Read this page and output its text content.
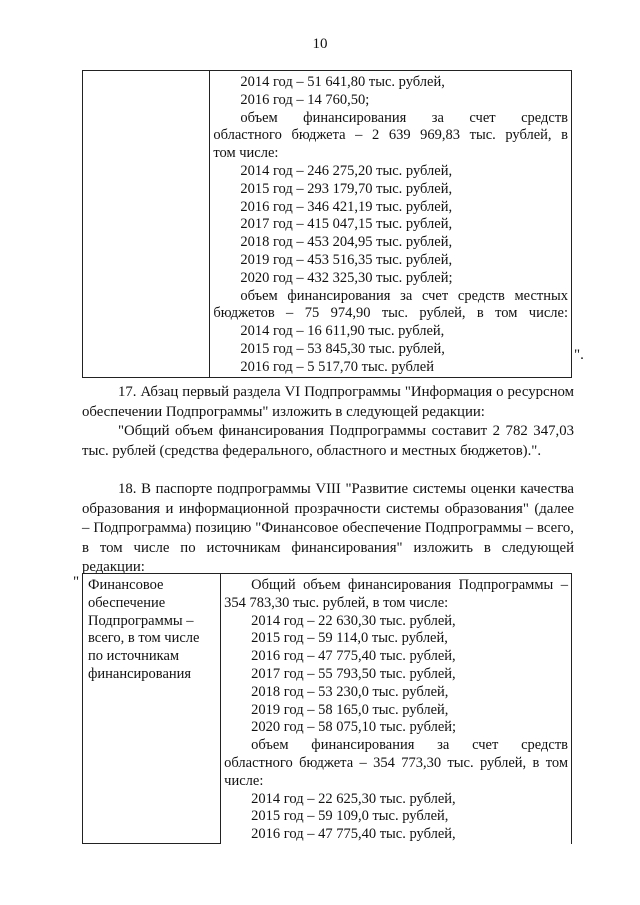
10

2014 год – 51 641,80 тыс. рублей,
2016 год – 14 760,50;
объем финансирования за счет средств
областного бюджета – 2 639 969,83 тыс. рублей, в
том числе:
2014 год – 246 275,20 тыс. рублей,
2015 год – 293 179,70 тыс. рублей,
2016 год – 346 421,19 тыс. рублей,
2017 год – 415 047,15 тыс. рублей,
2018 год – 453 204,95 тыс. рублей,
2019 год – 453 516,35 тыс. рублей,
2020 год – 432 325,30 тыс. рублей;
объем финансирования за счет средств местных
бюджетов – 75 974,90 тыс. рублей, в том числе:
2014 год – 16 611,90 тыс. рублей,
2015 год – 53 845,30 тыс. рублей,
2016 год – 5 517,70 тыс. рублей
".
17. Абзац первый раздела VI Подпрограммы "Информация о ресурсном обеспечении Подпрограммы" изложить в следующей редакции:
"Общий объем финансирования Подпрограммы составит 2 782 347,03 тыс. рублей (средства федерального, областного и местных бюджетов).".
18. В паспорте подпрограммы VIII "Развитие системы оценки качества образования и информационной прозрачности системы образования" (далее – Подпрограмма) позицию "Финансовое обеспечение Подпрограммы – всего, в том числе по источникам финансирования" изложить в следующей редакции:
" Финансовое обеспечение Подпрограммы – всего, в том числе по источникам финансирования

Общий объем финансирования Подпрограммы –
354 783,30 тыс. рублей, в том числе:
2014 год – 22 630,30 тыс. рублей,
2015 год – 59 114,0 тыс. рублей,
2016 год – 47 775,40 тыс. рублей,
2017 год – 55 793,50 тыс. рублей,
2018 год – 53 230,0 тыс. рублей,
2019 год – 58 165,0 тыс. рублей,
2020 год – 58 075,10 тыс. рублей;
объем финансирования за счет средств
областного бюджета – 354 773,30 тыс. рублей, в том
числе:
2014 год – 22 625,30 тыс. рублей,
2015 год – 59 109,0 тыс. рублей,
2016 год – 47 775,40 тыс. рублей,
